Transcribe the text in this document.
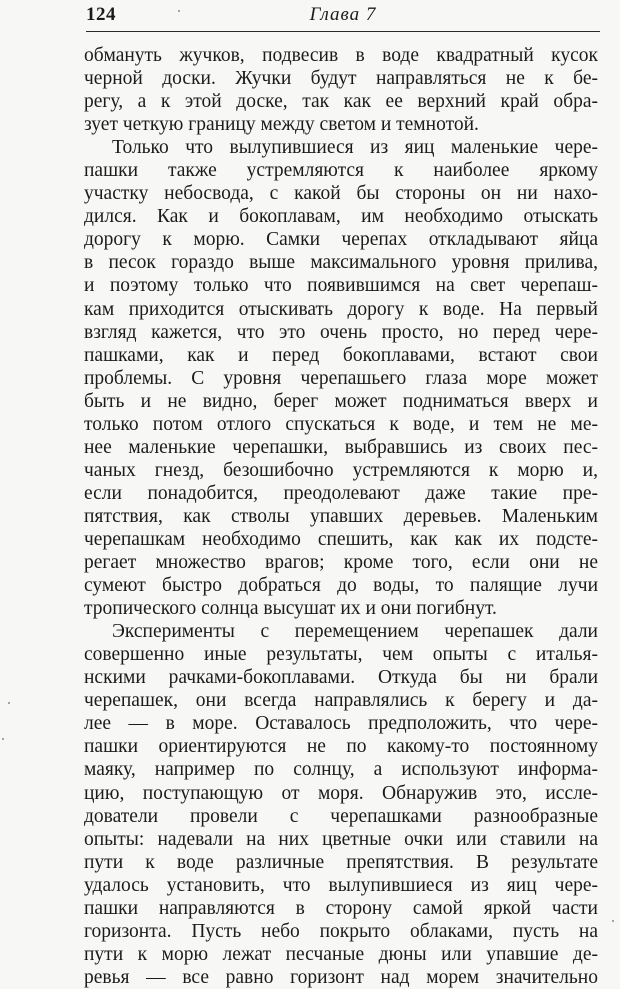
124	Глава 7
обмануть жучков, подвесив в воде квадратный кусок
черной доски. Жучки будут направляться не к бе-
регу, а к этой доске, так как ее верхний край обра-
зует четкую границу между светом и темнотой.
Только что вылупившиеся из яиц маленькие чере-
пашки также устремляются к наиболее яркому
участку небосвода, с какой бы стороны он ни нахо-
дился. Как и бокоплавам, им необходимо отыскать
дорогу к морю. Самки черепах откладывают яйца
в песок гораздо выше максимального уровня прилива,
и поэтому только что появившимся на свет черепаш-
кам приходится отыскивать дорогу к воде. На первый
взгляд кажется, что это очень просто, но перед чере-
пашками, как и перед бокоплавами, встают свои
проблемы. С уровня черепашьего глаза море может
быть и не видно, берег может подниматься вверх и
только потом отлого спускаться к воде, и тем не ме-
нее маленькие черепашки, выбравшись из своих пес-
чаных гнезд, безошибочно устремляются к морю и,
если понадобится, преодолевают даже такие пре-
пятствия, как стволы упавших деревьев. Маленьким
черепашкам необходимо спешить, как как их подсте-
регает множество врагов; кроме того, если они не
сумеют быстро добраться до воды, то палящие лучи
тропического солнца высушат их и они погибнут.
Эксперименты с перемещением черепашек дали
совершенно иные результаты, чем опыты с италья-
нскими рачками-бокоплавами. Откуда бы ни брали
черепашек, они всегда направлялись к берегу и да-
лее — в море. Оставалось предположить, что чере-
пашки ориентируются не по какому-то постоянному
маяку, например по солнцу, а используют информа-
цию, поступающую от моря. Обнаружив это, иссле-
дователи провели с черепашками разнообразные
опыты: надевали на них цветные очки или ставили на
пути к воде различные препятствия. В результате
удалось установить, что вылупившиеся из яиц чере-
пашки направляются в сторону самой яркой части
горизонта. Пусть небо покрыто облаками, пусть на
пути к морю лежат песчаные дюны или упавшие де-
ревья — все равно горизонт над морем значительно
